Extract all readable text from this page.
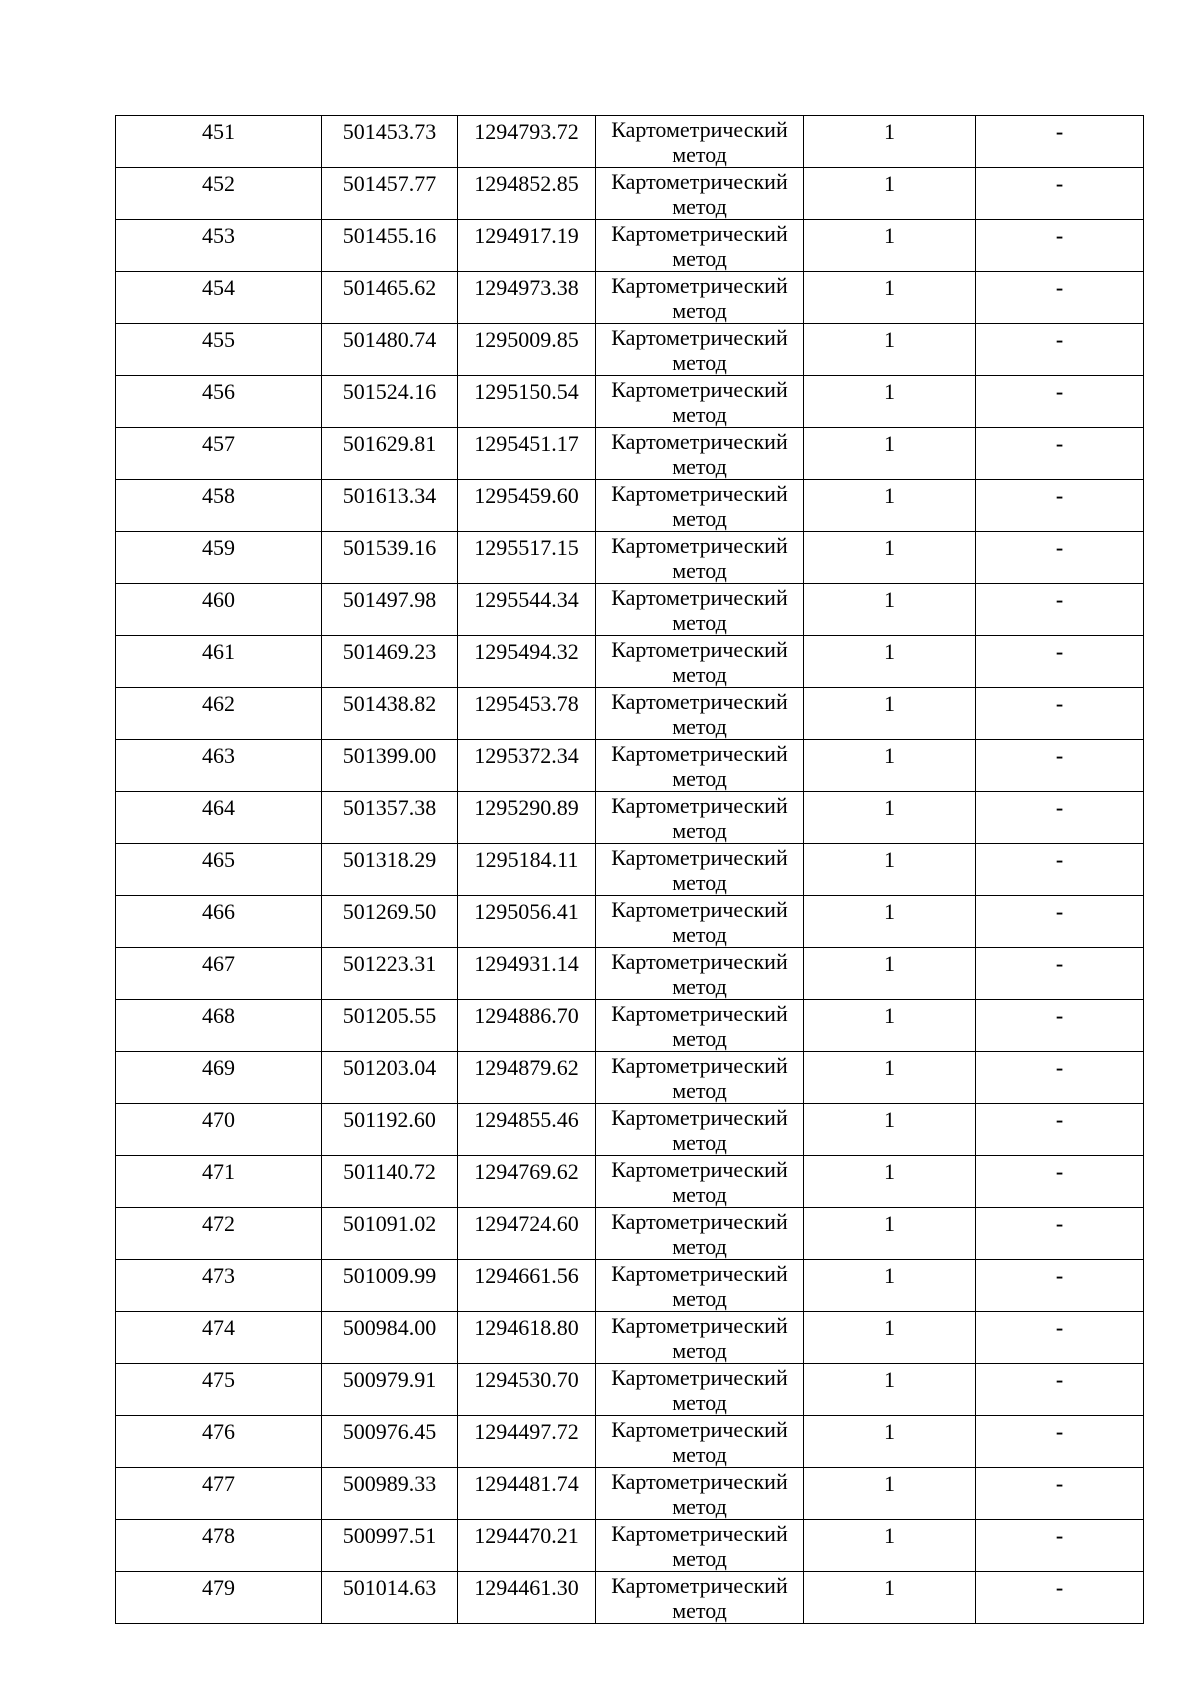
451	501453.73	1294793.72	Картометрический метод	1	-
452	501457.77	1294852.85	Картометрический метод	1	-
453	501455.16	1294917.19	Картометрический метод	1	-
454	501465.62	1294973.38	Картометрический метод	1	-
455	501480.74	1295009.85	Картометрический метод	1	-
456	501524.16	1295150.54	Картометрический метод	1	-
457	501629.81	1295451.17	Картометрический метод	1	-
458	501613.34	1295459.60	Картометрический метод	1	-
459	501539.16	1295517.15	Картометрический метод	1	-
460	501497.98	1295544.34	Картометрический метод	1	-
461	501469.23	1295494.32	Картометрический метод	1	-
462	501438.82	1295453.78	Картометрический метод	1	-
463	501399.00	1295372.34	Картометрический метод	1	-
464	501357.38	1295290.89	Картометрический метод	1	-
465	501318.29	1295184.11	Картометрический метод	1	-
466	501269.50	1295056.41	Картометрический метод	1	-
467	501223.31	1294931.14	Картометрический метод	1	-
468	501205.55	1294886.70	Картометрический метод	1	-
469	501203.04	1294879.62	Картометрический метод	1	-
470	501192.60	1294855.46	Картометрический метод	1	-
471	501140.72	1294769.62	Картометрический метод	1	-
472	501091.02	1294724.60	Картометрический метод	1	-
473	501009.99	1294661.56	Картометрический метод	1	-
474	500984.00	1294618.80	Картометрический метод	1	-
475	500979.91	1294530.70	Картометрический метод	1	-
476	500976.45	1294497.72	Картометрический метод	1	-
477	500989.33	1294481.74	Картометрический метод	1	-
478	500997.51	1294470.21	Картометрический метод	1	-
479	501014.63	1294461.30	Картометрический метод	1	-
